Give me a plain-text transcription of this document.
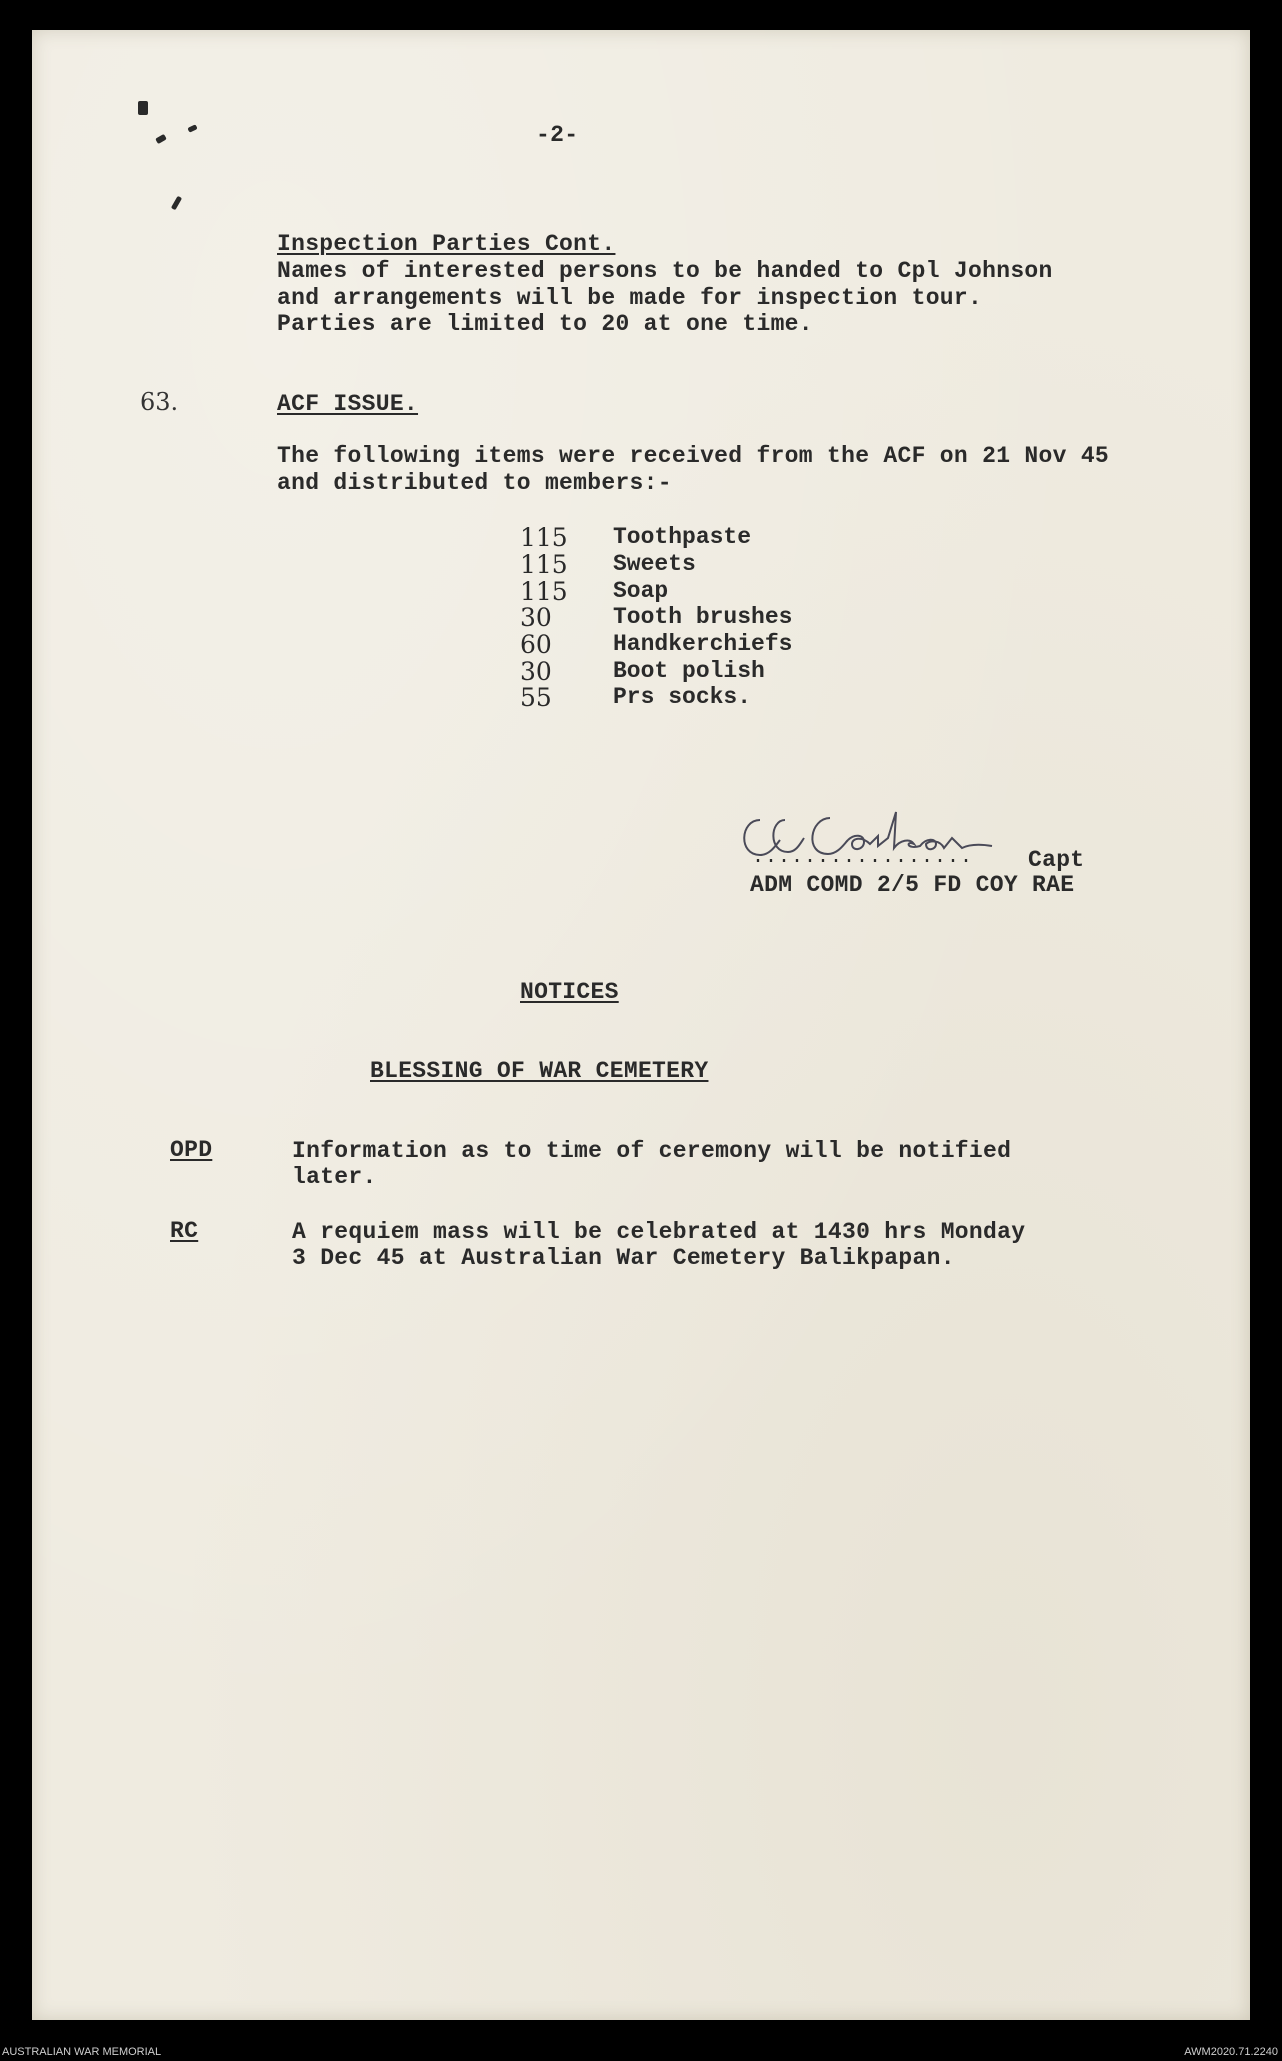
-2-
Inspection Parties Cont.
Names of interested persons to be handed to Cpl Johnson
and arrangements will be made for inspection tour.
Parties are limited to 20 at one time.
63.	ACF ISSUE.
The following items were received from the ACF on 21 Nov 45
and distributed to members:-
115	Toothpaste
115	Sweets
115	Soap
30	Tooth brushes
60	Handkerchiefs
30	Boot polish
55	Prs socks.
................. Capt
ADM COMD 2/5 FD COY RAE
NOTICES
BLESSING OF WAR CEMETERY
OPD	Information as to time of ceremony will be notified
later.
RC	A requiem mass will be celebrated at 1430 hrs Monday
3 Dec 45 at Australian War Cemetery Balikpapan.
AUSTRALIAN WAR MEMORIAL	AWM2020.71.2240
